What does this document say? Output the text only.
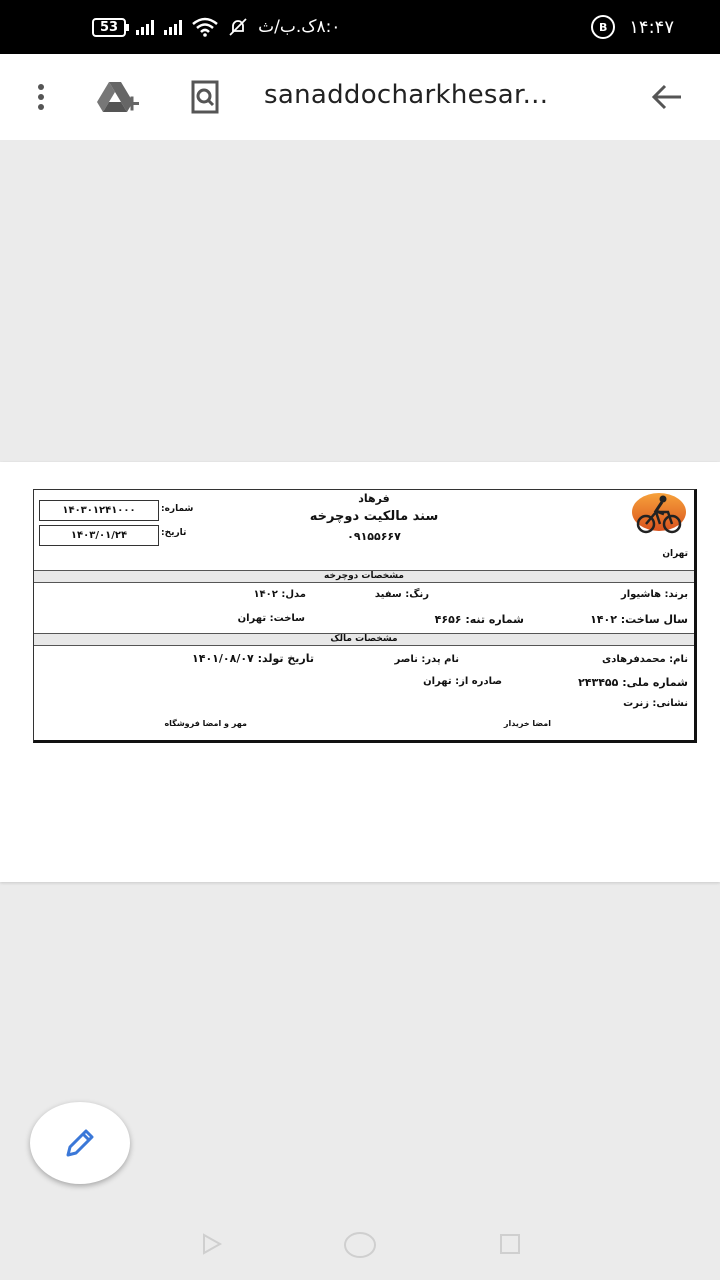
53	۸:۰ک.ب/ث	B	۱۴:۴۷
sanaddocharkhesar...
۱۴۰۳۰۱۲۴۱۰۰۰	شماره:
۱۴۰۳/۰۱/۲۴	تاریخ:
فرهاد
سند مالکیت دوچرخه
۰۹۱۵۵۶۶۷
تهران
مشخصات دوچرخه
برند: هاشیوار
رنگ: سفید
مدل: ۱۴۰۲
سال ساخت: ۱۴۰۲
شماره تنه: ۴۶۵۶
ساخت: تهران
مشخصات مالک
نام: محمدفرهادی
نام پدر: ناصر
تاریخ تولد: ۱۴۰۱/۰۸/۰۷
شماره ملی: ۲۴۳۴۵۵
صادره از: تهران
نشانی: زنرت
امضا خریدار
مهر و امضا فروشگاه
